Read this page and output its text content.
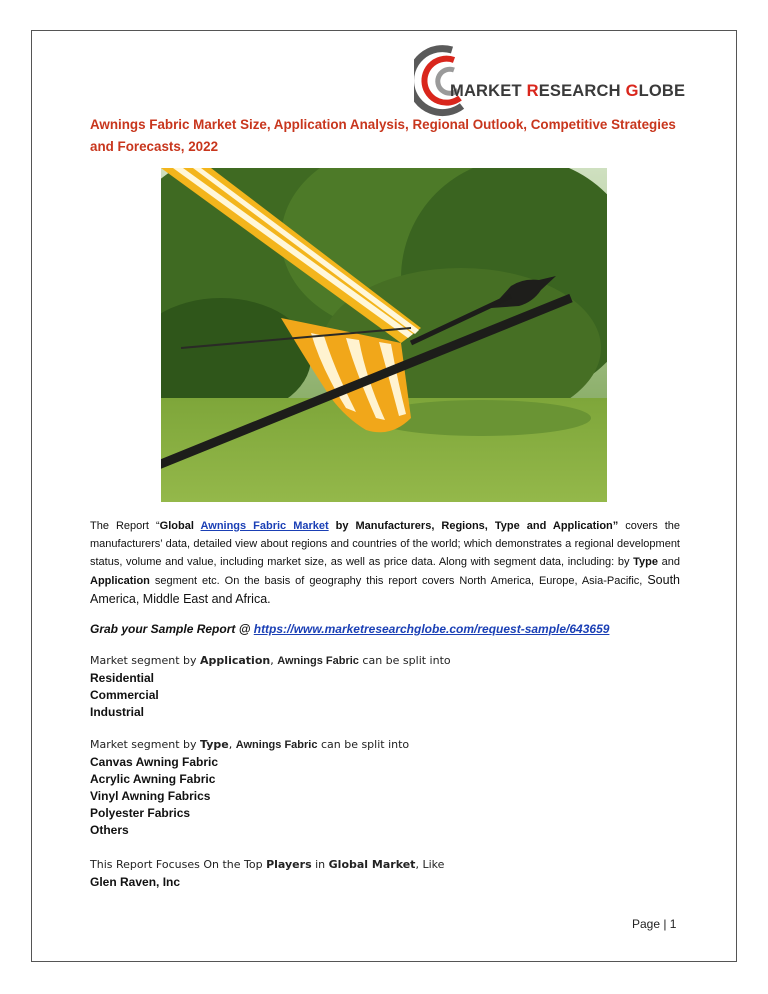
MARKET RESEARCH GLOBE
Awnings Fabric Market Size, Application Analysis, Regional Outlook, Competitive Strategies and Forecasts, 2022
The Report “Global Awnings Fabric Market by Manufacturers, Regions, Type and Application” covers the manufacturers’ data, detailed view about regions and countries of the world; which demonstrates a regional development status, volume and value, including market size, as well as price data. Along with segment data, including: by Type and Application segment etc. On the basis of geography this report covers North America, Europe, Asia-Pacific, South America, Middle East and Africa.
Grab your Sample Report @ https://www.marketresearchglobe.com/request-sample/643659
Market segment by Application, Awnings Fabric can be split into
Residential
Commercial
Industrial
Market segment by Type, Awnings Fabric can be split into
Canvas Awning Fabric
Acrylic Awning Fabric
Vinyl Awning Fabrics
Polyester Fabrics
Others
This Report Focuses On the Top Players in Global Market, Like
Glen Raven, Inc
Page | 1
